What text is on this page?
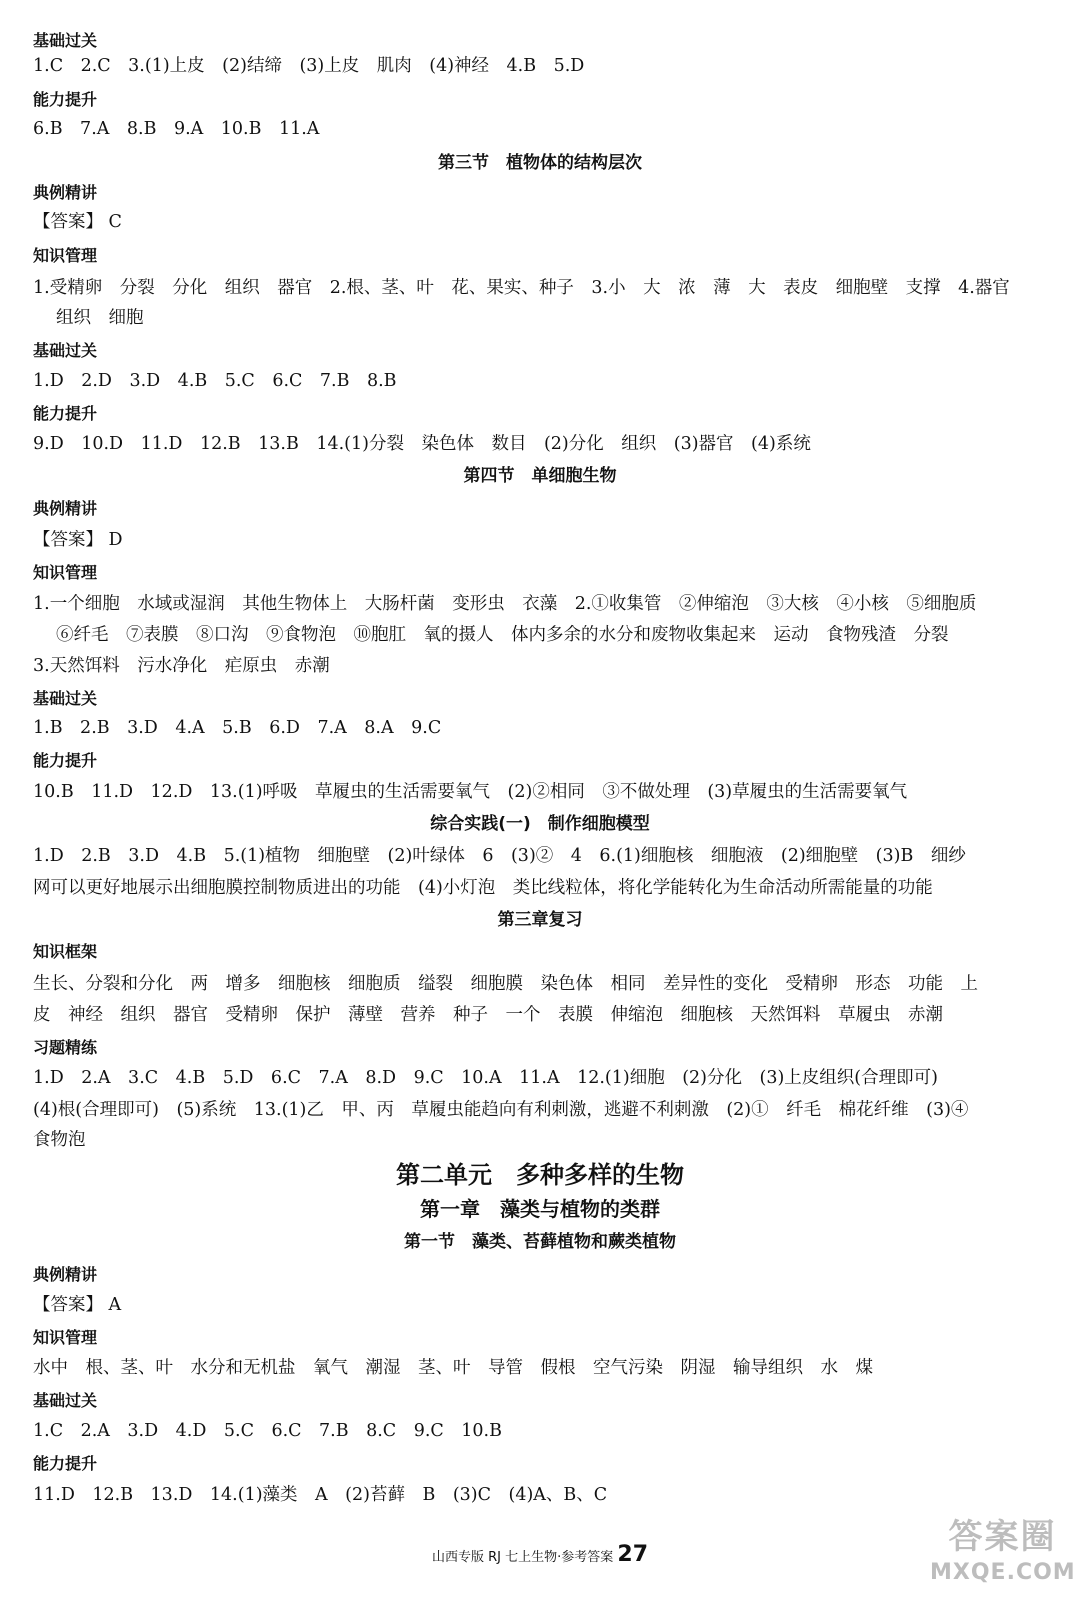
基础过关
1.C　2.C　3.(1)上皮　(2)结缔　(3)上皮　肌肉　(4)神经　4.B　5.D
能力提升
6.B　7.A　8.B　9.A　10.B　11.A
第三节　植物体的结构层次
典例精讲
【答案】 C
知识管理
1.受精卵　分裂　分化　组织　器官　2.根、茎、叶　花、果实、种子　3.小　大　浓　薄　大　表皮　细胞壁　支撑　4.器官
组织　细胞
基础过关
1.D　2.D　3.D　4.B　5.C　6.C　7.B　8.B
能力提升
9.D　10.D　11.D　12.B　13.B　14.(1)分裂　染色体　数目　(2)分化　组织　(3)器官　(4)系统
第四节　单细胞生物
典例精讲
【答案】 D
知识管理
1.一个细胞　水域或湿润　其他生物体上　大肠杆菌　变形虫　衣藻　2.①收集管　②伸缩泡　③大核　④小核　⑤细胞质
⑥纤毛　⑦表膜　⑧口沟　⑨食物泡　⑩胞肛　氧的摄人　体内多余的水分和废物收集起来　运动　食物残渣　分裂
3.天然饵料　污水净化　疟原虫　赤潮
基础过关
1.B　2.B　3.D　4.A　5.B　6.D　7.A　8.A　9.C
能力提升
10.B　11.D　12.D　13.(1)呼吸　草履虫的生活需要氧气　(2)②相同　③不做处理　(3)草履虫的生活需要氧气
综合实践(一)　制作细胞模型
1.D　2.B　3.D　4.B　5.(1)植物　细胞壁　(2)叶绿体　6　(3)②　4　6.(1)细胞核　细胞液　(2)细胞壁　(3)B　细纱
网可以更好地展示出细胞膜控制物质进出的功能　(4)小灯泡　类比线粒体，将化学能转化为生命活动所需能量的功能
第三章复习
知识框架
生长、分裂和分化　两　增多　细胞核　细胞质　缢裂　细胞膜　染色体　相同　差异性的变化　受精卵　形态　功能　上
皮　神经　组织　器官　受精卵　保护　薄壁　营养　种子　一个　表膜　伸缩泡　细胞核　天然饵料　草履虫　赤潮
习题精练
1.D　2.A　3.C　4.B　5.D　6.C　7.A　8.D　9.C　10.A　11.A　12.(1)细胞　(2)分化　(3)上皮组织(合理即可)
(4)根(合理即可)　(5)系统　13.(1)乙　甲、丙　草履虫能趋向有利刺激，逃避不利刺激　(2)①　纤毛　棉花纤维　(3)④
食物泡
第二单元　多种多样的生物
第一章　藻类与植物的类群
第一节　藻类、苔藓植物和蕨类植物
典例精讲
【答案】 A
知识管理
水中　根、茎、叶　水分和无机盐　氧气　潮湿　茎、叶　导管　假根　空气污染　阴湿　输导组织　水　煤
基础过关
1.C　2.A　3.D　4.D　5.C　6.C　7.B　8.C　9.C　10.B
能力提升
11.D　12.B　13.D　14.(1)藻类　A　(2)苔藓　B　(3)C　(4)A、B、C
山西专版 RJ 七上生物·参考答案 27	答案圈
MXQE.COM
